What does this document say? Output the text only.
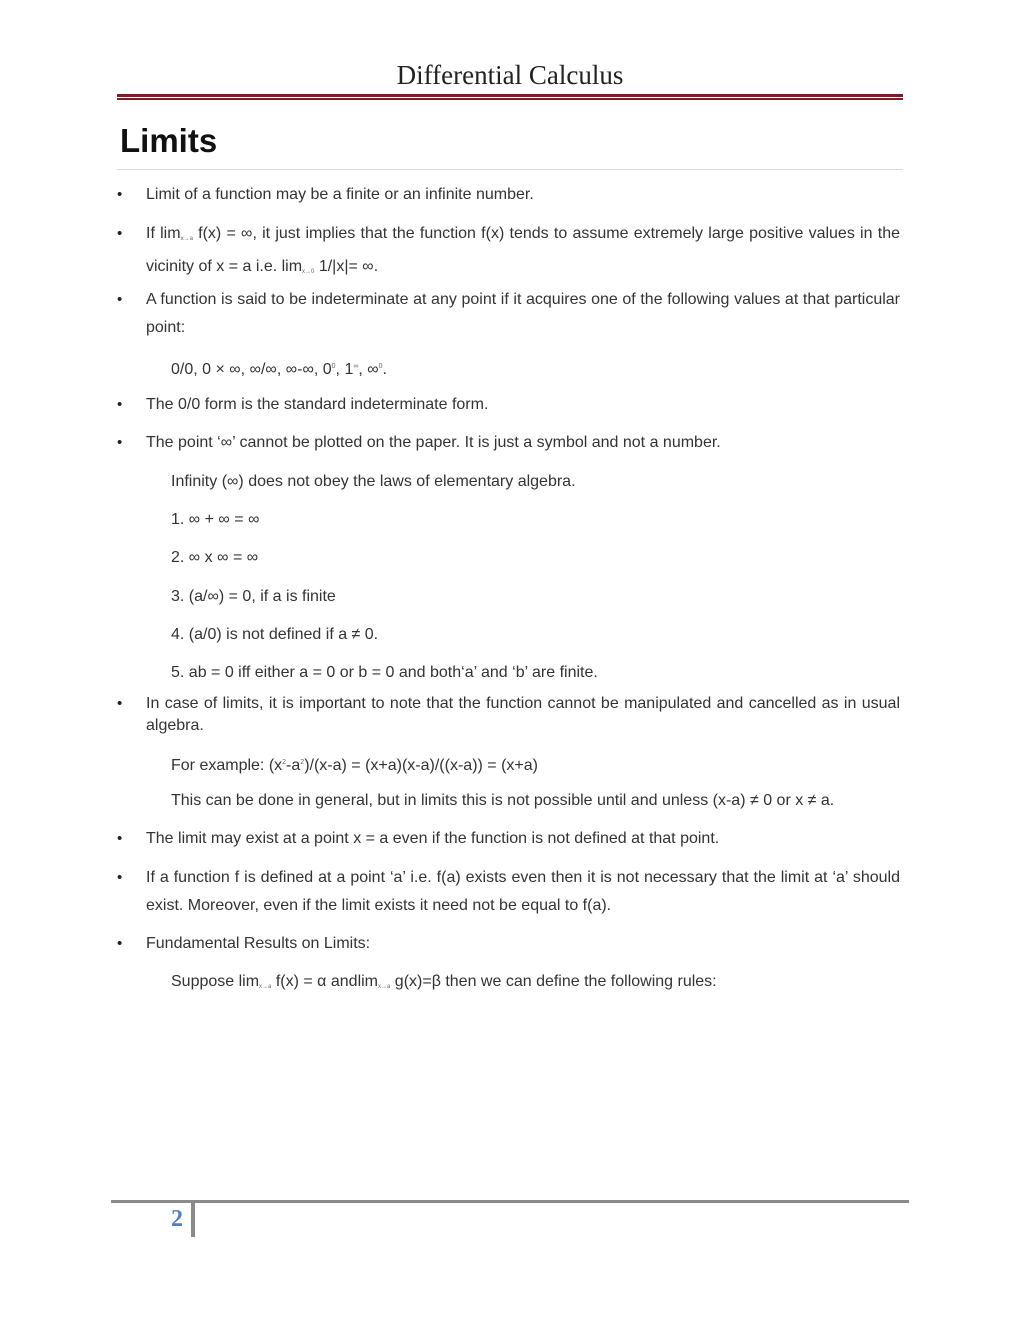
Differential Calculus
Limits
• Limit of a function may be a finite or an infinite number.
• If $\lim_{x\to a} f(x)$ = ∞, it just implies that the function f(x) tends to assume extremely large positive values in the vicinity of x = a i.e. $\lim_{x\to 0} 1/|x|=$ ∞.
• A function is said to be indeterminate at any point if it acquires one of the following values at that particular point:
0/0, 0 × ∞, ∞/∞, ∞-∞, $0^0$, 1∞, ∞$^0$.
• The 0/0 form is the standard indeterminate form.
• The point ‘∞’ cannot be plotted on the paper. It is just a symbol and not a number.
Infinity (∞) does not obey the laws of elementary algebra.
1. ∞ + ∞ = ∞
2. ∞ x ∞ = ∞
3. (a/∞) = 0, if a is finite
4. (a/0) is not defined if a ≠ 0.
5. ab = 0 iff either a = 0 or b = 0 and both‘a’ and ‘b’ are finite.
• In case of limits, it is important to note that the function cannot be manipulated and cancelled as in usual algebra.
For example: $(x^2-a^2)/(x-a) = (x+a)(x-a)/((x-a)) = (x+a)$
This can be done in general, but in limits this is not possible until and unless (x-a) ≠ 0 or x ≠ a.
• The limit may exist at a point x = a even if the function is not defined at that point.
• If a function f is defined at a point ‘a’ i.e. f(a) exists even then it is not necessary that the limit at ‘a’ should exist. Moreover, even if the limit exists it need not be equal to f(a).
• Fundamental Results on Limits:
Suppose $\lim_{x\to a} f(x) = \alpha$ andlim$_{x\to a}$ g(x)=β then we can define the following rules:
2
